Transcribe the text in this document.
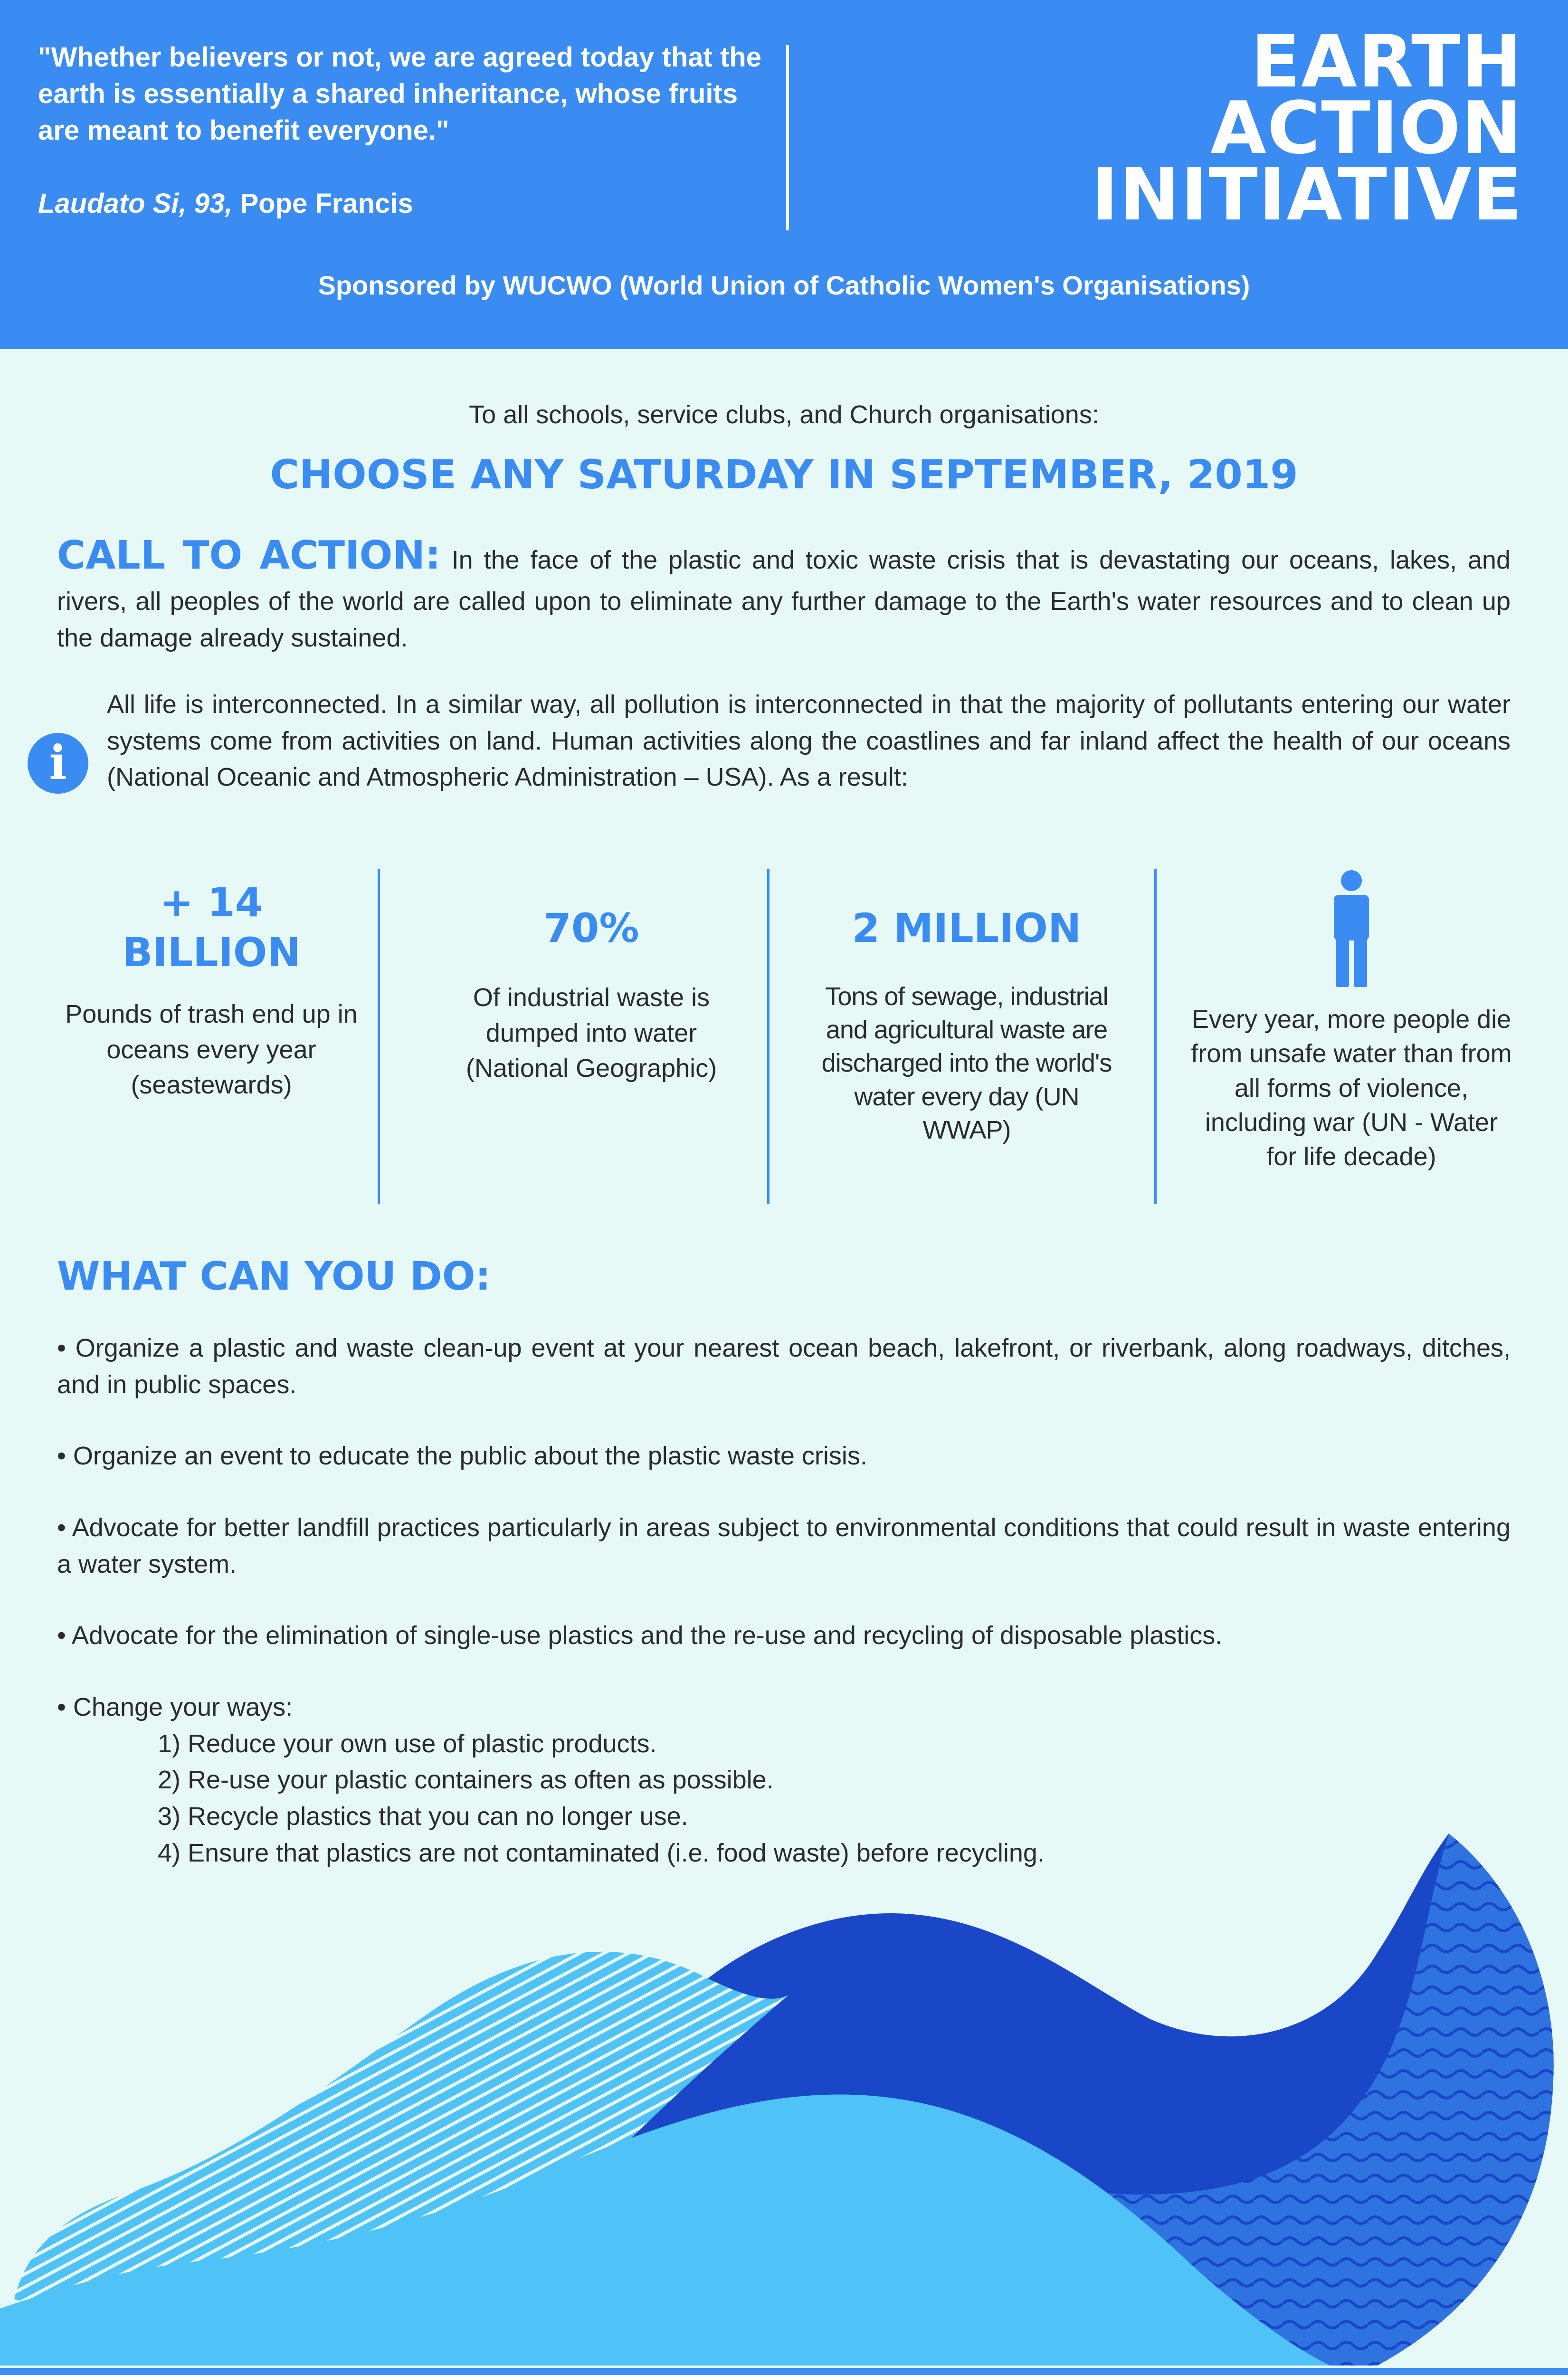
"Whether believers or not, we are agreed today that the earth is essentially a shared inheritance, whose fruits are meant to benefit everyone."
Laudato Si, 93, Pope Francis
EARTH
ACTION
INITIATIVE
Sponsored by WUCWO (World Union of Catholic Women's Organisations)
To all schools, service clubs, and Church organisations:
CHOOSE ANY SATURDAY IN SEPTEMBER, 2019
CALL TO ACTION: In the face of the plastic and toxic waste crisis that is devastating our oceans, lakes, and rivers, all peoples of the world are called upon to eliminate any further damage to the Earth's water resources and to clean up the damage already sustained.
i
All life is interconnected. In a similar way, all pollution is interconnected in that the majority of pollutants entering our water systems come from activities on land. Human activities along the coastlines and far inland affect the health of our oceans (National Oceanic and Atmospheric Administration – USA). As a result:
+ 14
BILLION
Pounds of trash end up in oceans every year (seastewards)
70%
Of industrial waste is dumped into water (National Geographic)
2 MILLION
Tons of sewage, industrial and agricultural waste are discharged into the world's water every day (UN WWAP)
Every year, more people die from unsafe water than from all forms of violence, including war (UN - Water for life decade)
WHAT CAN YOU DO:
• Organize a plastic and waste clean-up event at your nearest ocean beach, lakefront, or riverbank, along roadways, ditches, and in public spaces.
• Organize an event to educate the public about the plastic waste crisis.
• Advocate for better landfill practices particularly in areas subject to environmental conditions that could result in waste entering a water system.
• Advocate for the elimination of single-use plastics and the re-use and recycling of disposable plastics.
• Change your ways:
1) Reduce your own use of plastic products.
2) Re-use your plastic containers as often as possible.
3) Recycle plastics that you can no longer use.
4) Ensure that plastics are not contaminated (i.e. food waste) before recycling.
